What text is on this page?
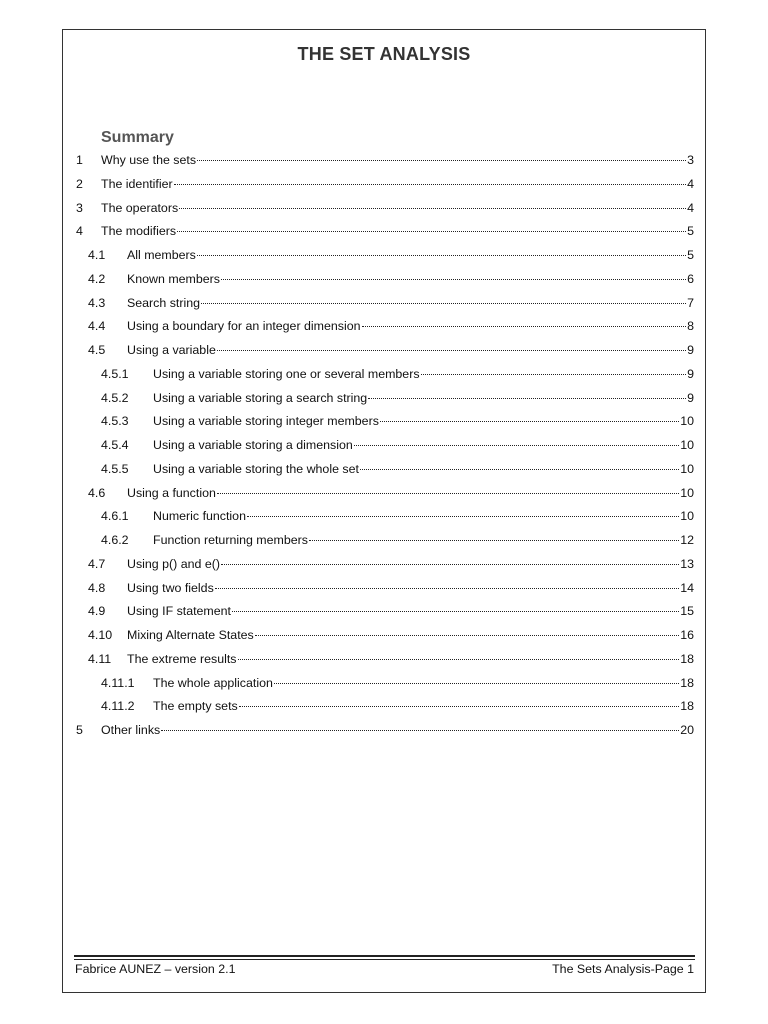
THE SET ANALYSIS
Summary
1	Why use the sets	3
2	The identifier	4
3	The operators	4
4	The modifiers	5
4.1	All members	5
4.2	Known members	6
4.3	Search string	7
4.4	Using a boundary for an integer dimension	8
4.5	Using a variable	9
4.5.1	Using a variable storing one or several members	9
4.5.2	Using a variable storing a search string	9
4.5.3	Using a variable storing integer members	10
4.5.4	Using a variable storing a dimension	10
4.5.5	Using a variable storing the whole set	10
4.6	Using a function	10
4.6.1	Numeric function	10
4.6.2	Function returning members	12
4.7	Using p() and e()	13
4.8	Using two fields	14
4.9	Using IF statement	15
4.10	Mixing Alternate States	16
4.11	The extreme results	18
4.11.1	The whole application	18
4.11.2	The empty sets	18
5	Other links	20
Fabrice AUNEZ – version 2.1	The Sets Analysis-Page 1
